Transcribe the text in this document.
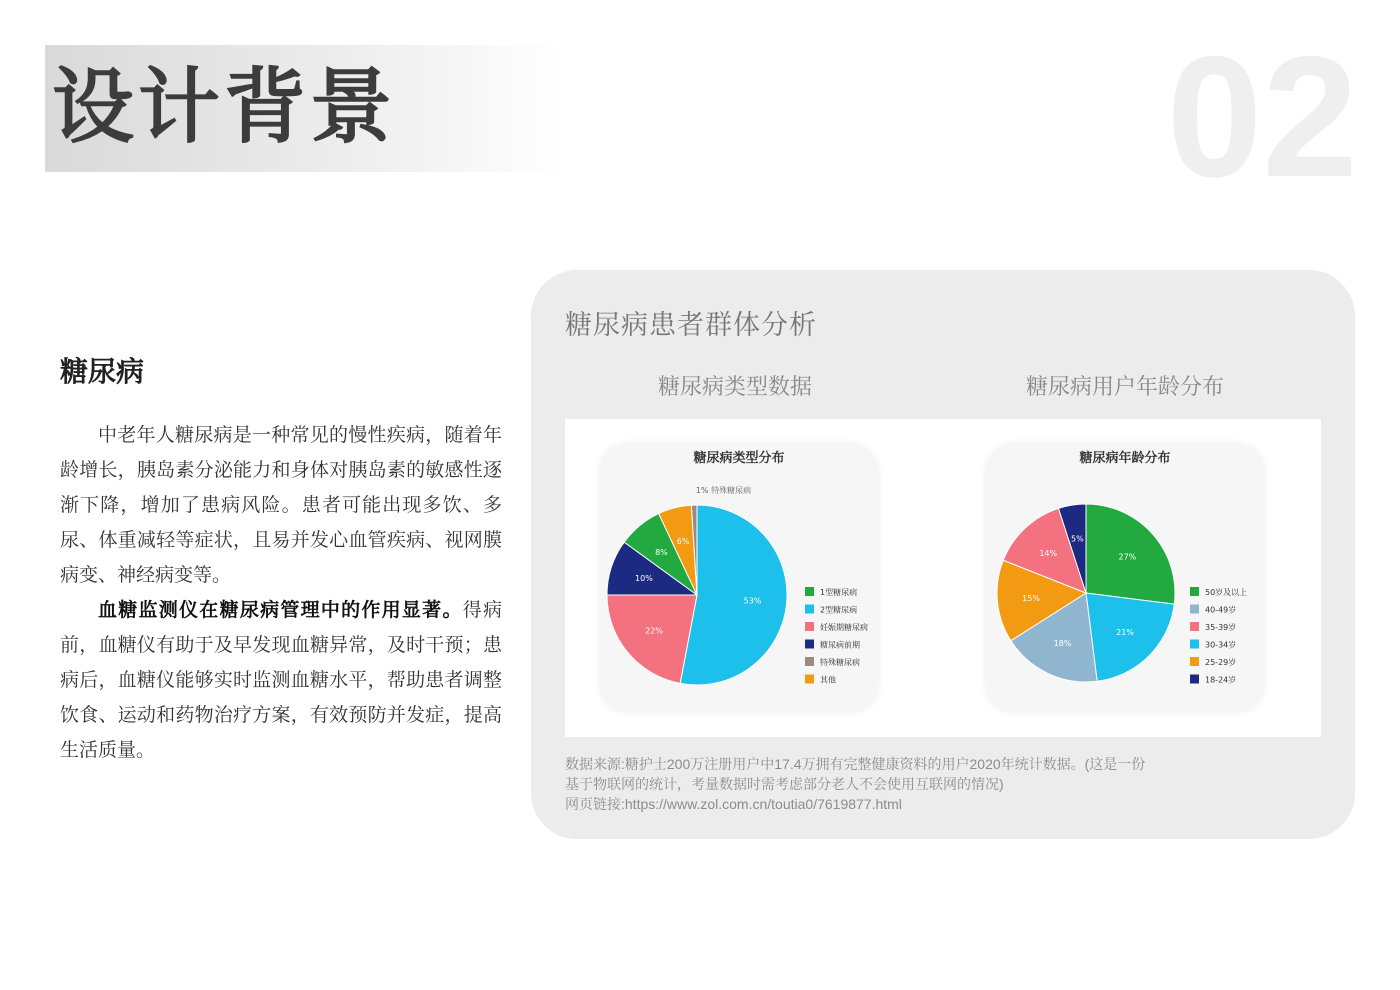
设计背景	02
糖尿病

中老年人糖尿病是一种常见的慢性疾病，随着年龄增长，胰岛素分泌能力和身体对胰岛素的敏感性逐渐下降，增加了患病风险。患者可能出现多饮、多尿、体重减轻等症状，且易并发心血管疾病、视网膜病变、神经病变等。

血糖监测仪在糖尿病管理中的作用显著。得病前，血糖仪有助于及早发现血糖异常，及时干预；患病后，血糖仪能够实时监测血糖水平，帮助患者调整饮食、运动和药物治疗方案，有效预防并发症，提高生活质量。

糖尿病患者群体分析
糖尿病类型数据	糖尿病用户年龄分布
糖尿病类型分布
53%
22%
10%
8%
6%
1% 特殊糖尿病
1型糖尿病
2型糖尿病
妊娠期糖尿病
糖尿病前期
特殊糖尿病
其他
糖尿病年龄分布
27%
21%
18%
15%
14%
5%
50岁及以上
40-49岁
35-39岁
30-34岁
25-29岁
18-24岁
数据来源:糖护士200万注册用户中17.4万拥有完整健康资料的用户2020年统计数据。(这是一份
基于物联网的统计，考量数据时需考虑部分老人不会使用互联网的情况)
网页链接:https://www.zol.com.cn/toutia0/7619877.html
